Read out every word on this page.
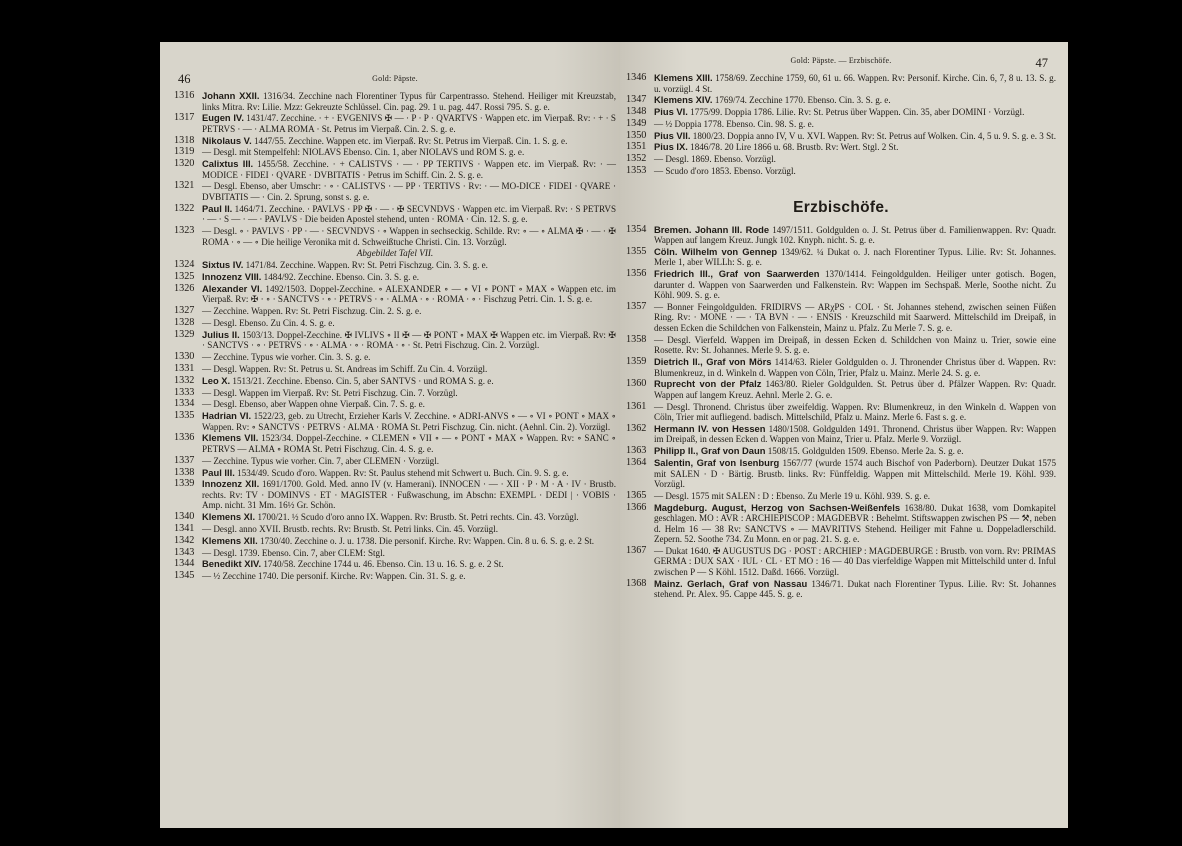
46	Gold: Päpste.
1316 Johann XXII. 1316/34. Zecchine nach Florentiner Typus für Carpentrasso. Stehend. Heiliger mit Kreuzstab, links Mitra. Rv: Lilie. Mzz: Gekreuzte Schlüssel. Cin. pag. 29. 1 u. pag. 447. Rossi 795. S. g. e.
1317 Eugen IV. 1431/47. Zecchine. · + · EVGENIVS ✠ — · P · P · QVARTVS · Wappen etc. im Vierpaß. Rv: · + · S PETRVS · — · ALMA ROMA · St. Petrus im Vierpaß. Cin. 2. S. g. e.
1318 Nikolaus V. 1447/55. Zecchine. Wappen etc. im Vierpaß. Rv: St. Petrus im Vierpaß. Cin. 1. S. g. e.
1319 — Desgl. mit Stempelfehl: NIOLAVS Ebenso. Cin. 1, aber NIOLAVS und ROM S. g. e.
1320 Calixtus III. 1455/58. Zecchine. · + CALISTVS · — · PP TERTIVS · Wappen etc. im Vierpaß. Rv: · — MODICE · FIDEI · QVARE · DVBITATIS · Petrus im Schiff. Cin. 2. S. g. e.
1321 — Desgl. Ebenso, aber Umschr: · ∘ · CALISTVS · — PP · TERTIVS · Rv: · — MO-DICE · FIDEI · QVARE · DVBITATIS — · Cin. 2. Sprung, sonst s. g. e.
1322 Paul II. 1464/71. Zecchine. · PAVLVS · PP ✠ · — · ✠ SECVNDVS · Wappen etc. im Vierpaß. Rv: · S PETRVS · — · S — · — · PAVLVS · Die beiden Apostel stehend, unten · ROMA · Cin. 12. S. g. e.
1323 — Desgl. ∘ · PAVLVS · PP · — · SECVNDVS · ∘ Wappen in sechseckig. Schilde. Rv: ∘ — ∘ ALMA ✠ · — · ✠ ROMA · ∘ — ∘ Die heilige Veronika mit d. Schweißtuche Christi. Cin. 13. Vorzügl.
Abgebildet Tafel VII.
1324 Sixtus IV. 1471/84. Zecchine. Wappen. Rv: St. Petri Fischzug. Cin. 3. S. g. e.
1325 Innozenz VIII. 1484/92. Zecchine. Ebenso. Cin. 3. S. g. e.
1326 Alexander VI. 1492/1503. Doppel-Zecchine. ∘ ALEXANDER ∘ — ∘ VI ∘ PONT ∘ MAX ∘ Wappen etc. im Vierpaß. Rv: ✠ · ∘ · SANCTVS · ∘ · PETRVS · ∘ · ALMA · ∘ · ROMA · ∘ · Fischzug Petri. Cin. 1. S. g. e.
1327 — Zecchine. Wappen. Rv: St. Petri Fischzug. Cin. 2. S. g. e.
1328 — Desgl. Ebenso. Zu Cin. 4. S. g. e.
1329 Julius II. 1503/13. Doppel-Zecchine. ✠ IVLIVS ∘ II ✠ — ✠ PONT ∘ MAX ✠ Wappen etc. im Vierpaß. Rv: ✠ · SANCTVS · ∘ · PETRVS · ∘ · ALMA · ∘ · ROMA · ∘ · St. Petri Fischzug. Cin. 2. Vorzügl.
1330 — Zecchine. Typus wie vorher. Cin. 3. S. g. e.
1331 — Desgl. Wappen. Rv: St. Petrus u. St. Andreas im Schiff. Zu Cin. 4. Vorzügl.
1332 Leo X. 1513/21. Zecchine. Ebenso. Cin. 5, aber SANTVS · und ROMA S. g. e.
1333 — Desgl. Wappen im Vierpaß. Rv: St. Petri Fischzug. Cin. 7. Vorzügl.
1334 — Desgl. Ebenso, aber Wappen ohne Vierpaß. Cin. 7. S. g. e.
1335 Hadrian VI. 1522/23, geb. zu Utrecht, Erzieher Karls V. Zecchine. ∘ ADRI-ANVS ∘ — ∘ VI ∘ PONT ∘ MAX ∘ Wappen. Rv: ∘ SANCTVS · PETRVS · ALMA · ROMA St. Petri Fischzug. Cin. nicht. (Aehnl. Cin. 2). Vorzügl.
1336 Klemens VII. 1523/34. Doppel-Zecchine. ∘ CLEMEN ∘ VII ∘ — ∘ PONT ∘ MAX ∘ Wappen. Rv: ∘ SANC ∘ PETRVS — ALMA ∘ ROMA St. Petri Fischzug. Cin. 4. S. g. e.
1337 — Zecchine. Typus wie vorher. Cin. 7, aber CLEMEN · Vorzügl.
1338 Paul III. 1534/49. Scudo d'oro. Wappen. Rv: St. Paulus stehend mit Schwert u. Buch. Cin. 9. S. g. e.
1339 Innozenz XII. 1691/1700. Gold. Med. anno IV (v. Hamerani). INNOCEN · — · XII · P · M · A · IV · Brustb. rechts. Rv: TV · DOMINVS · ET · MAGISTER · Fußwaschung, im Abschn: EXEMPL · DEDI | · VOBIS · Amp. nicht. 31 Mm. 16½ Gr. Schön.
1340 Klemens XI. 1700/21. ½ Scudo d'oro anno IX. Wappen. Rv: Brustb. St. Petri rechts. Cin. 43. Vorzügl.
1341 — Desgl. anno XVII. Brustb. rechts. Rv: Brustb. St. Petri links. Cin. 45. Vorzügl.
1342 Klemens XII. 1730/40. Zecchine o. J. u. 1738. Die personif. Kirche. Rv: Wappen. Cin. 8 u. 6. S. g. e. 2 St.
1343 — Desgl. 1739. Ebenso. Cin. 7, aber CLEM: Stgl.
1344 Benedikt XIV. 1740/58. Zecchine 1744 u. 46. Ebenso. Cin. 13 u. 16. S. g. e. 2 St.
1345 — ½ Zecchine 1740. Die personif. Kirche. Rv: Wappen. Cin. 31. S. g. e.
47
Gold: Päpste. — Erzbischöfe.
1346 Klemens XIII. 1758/69. Zecchine 1759, 60, 61 u. 66. Wappen. Rv: Personif. Kirche. Cin. 6, 7, 8 u. 13. S. g. u. vorzügl. 4 St.
1347 Klemens XIV. 1769/74. Zecchine 1770. Ebenso. Cin. 3. S. g. e.
1348 Pius VI. 1775/99. Doppia 1786. Lilie. Rv: St. Petrus über Wappen. Cin. 35, aber DOMINI · Vorzügl.
1349 — ½ Doppia 1778. Ebenso. Cin. 98. S. g. e.
1350 Pius VII. 1800/23. Doppia anno IV, V u. XVI. Wappen. Rv: St. Petrus auf Wolken. Cin. 4, 5 u. 9. S. g. e. 3 St.
1351 Pius IX. 1846/78. 20 Lire 1866 u. 68. Brustb. Rv: Wert. Stgl. 2 St.
1352 — Desgl. 1869. Ebenso. Vorzügl.
1353 — Scudo d'oro 1853. Ebenso. Vorzügl.
Erzbischöfe.
1354 Bremen. Johann III. Rode 1497/1511. Goldgulden o. J. St. Petrus über d. Familienwappen. Rv: Quadr. Wappen auf langem Kreuz. Jungk 102. Knyph. nicht. S. g. e.
1355 Cöln. Wilhelm von Gennep 1349/62. ¼ Dukat o. J. nach Florentiner Typus. Lilie. Rv: St. Johannes. Merle 1, aber WILLh: S. g. e.
1356 Friedrich III., Graf von Saarwerden 1370/1414. Feingoldgulden. Heiliger unter gotisch. Bogen, darunter d. Wappen von Saarwerden und Falkenstein. Rv: Wappen im Sechspaß. Merle, Soothe nicht. Zu Köhl. 909. S. g. e.
1357 — Bonner Feingoldgulden. FRIDIRVS — ARχPS · COL · St. Johannes stehend, zwischen seinen Füßen Ring. Rv: · MONE · — · TA BVN · — · ENSIS · Kreuzschild mit Saarwerd. Mittelschild im Dreipaß, in dessen Ecken die Schildchen von Falkenstein, Mainz u. Pfalz. Zu Merle 7. S. g. e.
1358 — Desgl. Vierfeld. Wappen im Dreipaß, in dessen Ecken d. Schildchen von Mainz u. Trier, sowie eine Rosette. Rv: St. Johannes. Merle 9. S. g. e.
1359 Dietrich II., Graf von Mörs 1414/63. Rieler Goldgulden o. J. Thronender Christus über d. Wappen. Rv: Blumenkreuz, in d. Winkeln d. Wappen von Cöln, Trier, Pfalz u. Mainz. Merle 24. S. g. e.
1360 Ruprecht von der Pfalz 1463/80. Rieler Goldgulden. St. Petrus über d. Pfälzer Wappen. Rv: Quadr. Wappen auf langem Kreuz. Aehnl. Merle 2. G. e.
1361 — Desgl. Thronend. Christus über zweifeldig. Wappen. Rv: Blumenkreuz, in den Winkeln d. Wappen von Cöln, Trier mit aufliegend. badisch. Mittelschild, Pfalz u. Mainz. Merle 6. Fast s. g. e.
1362 Hermann IV. von Hessen 1480/1508. Goldgulden 1491. Thronend. Christus über Wappen. Rv: Wappen im Dreipaß, in dessen Ecken d. Wappen von Mainz, Trier u. Pfalz. Merle 9. Vorzügl.
1363 Philipp II., Graf von Daun 1508/15. Goldgulden 1509. Ebenso. Merle 2a. S. g. e.
1364 Salentin, Graf von Isenburg 1567/77 (wurde 1574 auch Bischof von Paderborn). Deutzer Dukat 1575 mit SALEN · D · Bärtig. Brustb. links. Rv: Fünffeldig. Wappen mit Mittelschild. Merle 19. Köhl. 939. Vorzügl.
1365 — Desgl. 1575 mit SALEN : D : Ebenso. Zu Merle 19 u. Köhl. 939. S. g. e.
1366 Magdeburg. August, Herzog von Sachsen-Weißenfels 1638/80. Dukat 1638, vom Domkapitel geschlagen. MO : AVR : ARCHIEPISCOP : MAGDEBVR : Behelmt. Stiftswappen zwischen PS — ⚒, neben d. Helm 16 — 38 Rv: SANCTVS ∘ — MAVRITIVS Stehend. Heiliger mit Fahne u. Doppeladlerschild. Zepern. 52. Soothe 734. Zu Monn. en or pag. 21. S. g. e.
1367 — Dukat 1640. ✠ AUGUSTUS DG · POST : ARCHIEP : MAGDEBURGE : Brustb. von vorn. Rv: PRIMAS GERMA : DUX SAX · IUL · CL · ET MO : 16 — 40 Das vierfeldige Wappen mit Mittelschild unter d. Inful zwischen P — S Köhl. 1512. Daßd. 1666. Vorzügl.
1368 Mainz. Gerlach, Graf von Nassau 1346/71. Dukat nach Florentiner Typus. Lilie. Rv: St. Johannes stehend. Pr. Alex. 95. Cappe 445. S. g. e.
